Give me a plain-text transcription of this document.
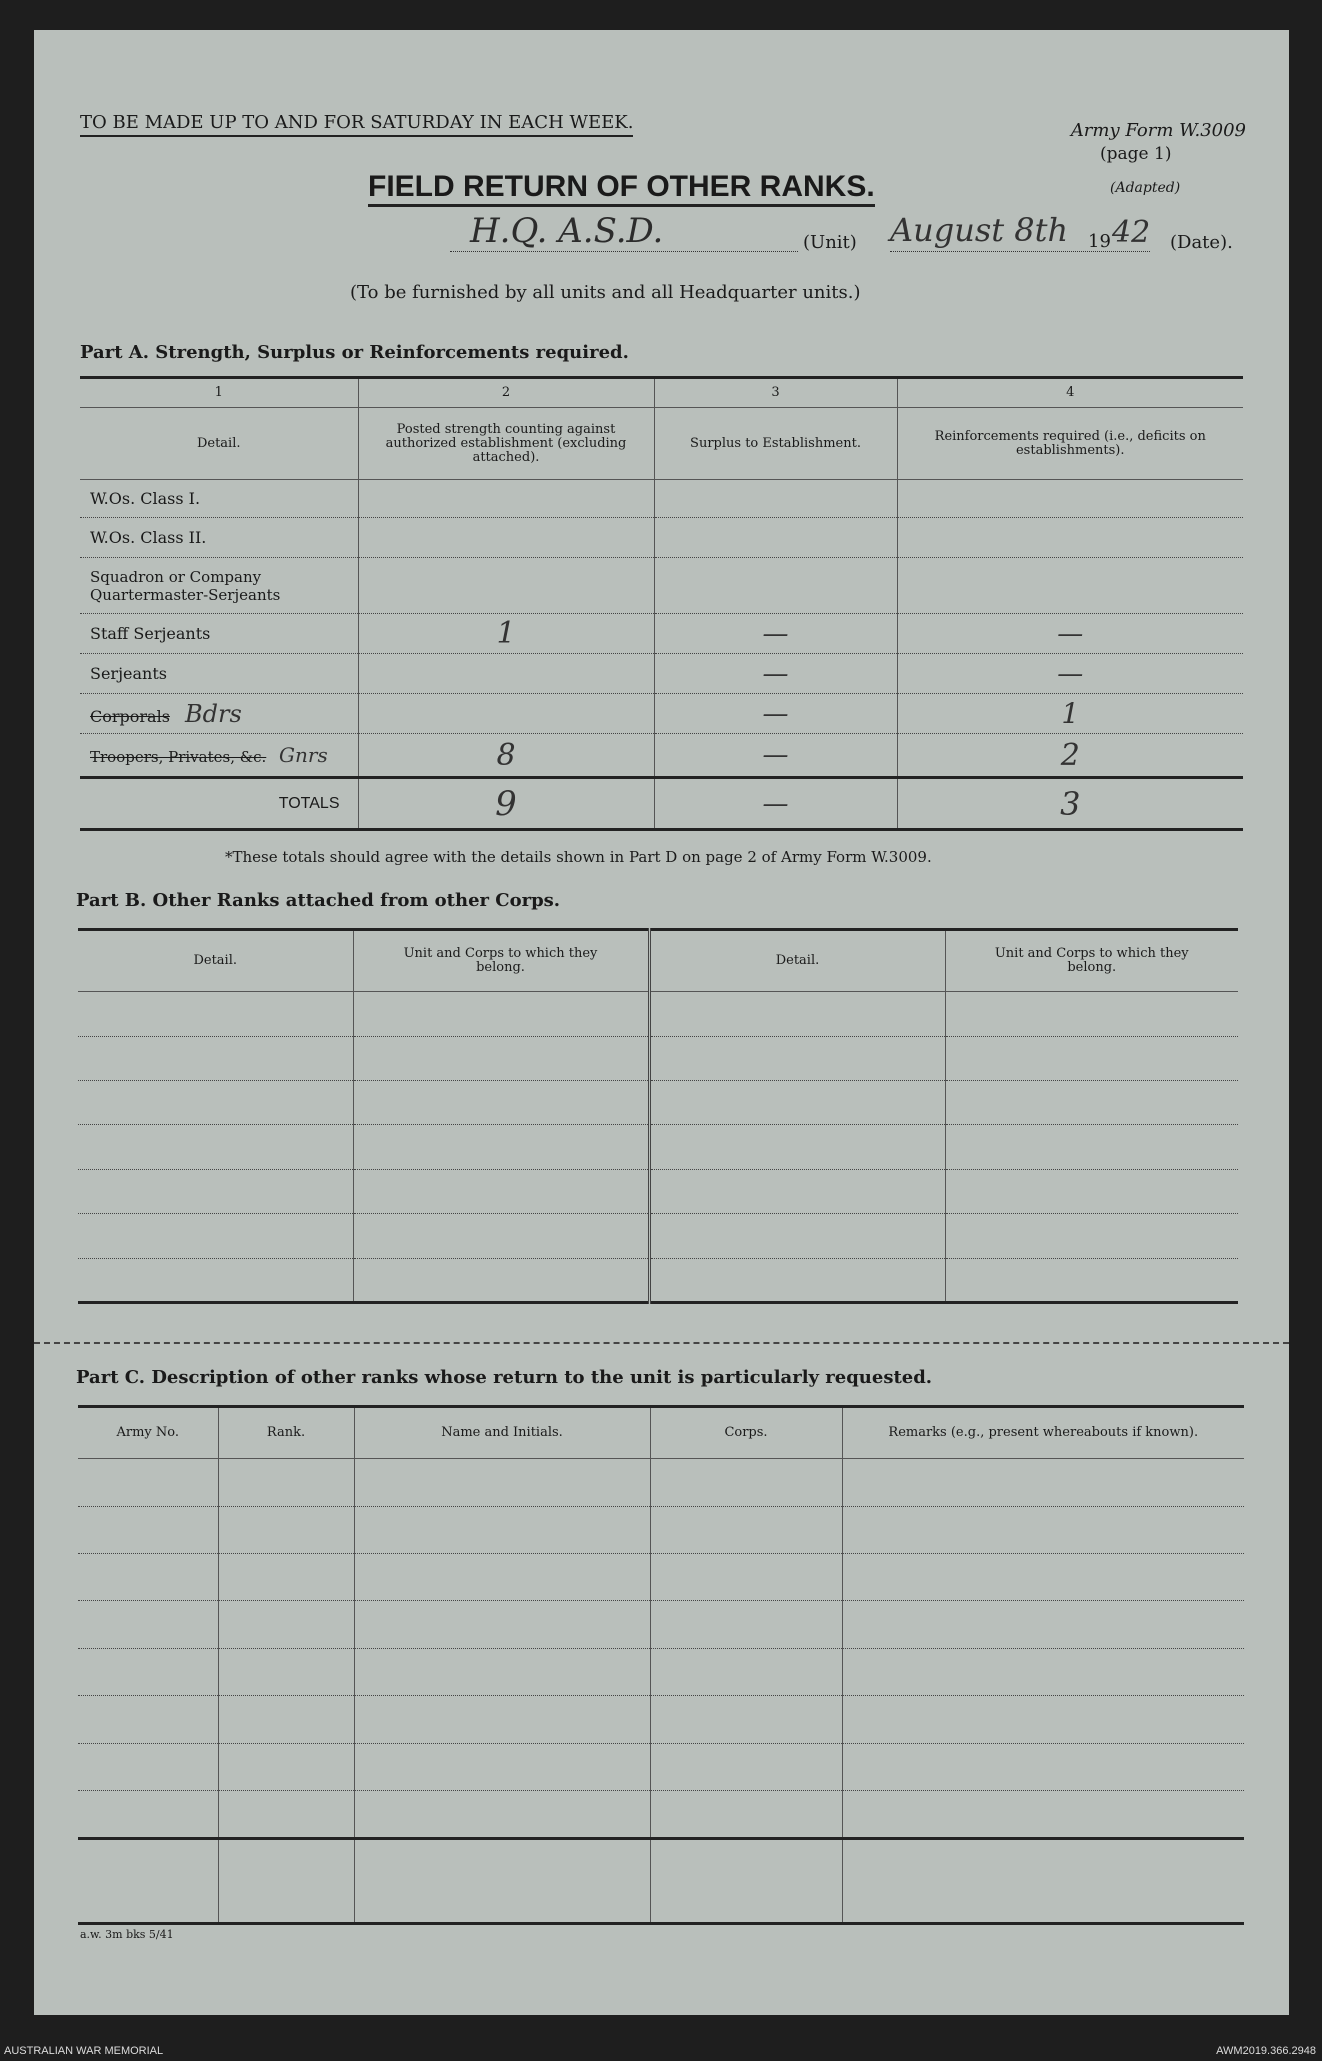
TO BE MADE UP TO AND FOR SATURDAY IN EACH WEEK.	Army Form W.3009
(page 1)
(Adapted)
FIELD RETURN OF OTHER RANKS.
H.Q. A.S.D.	(Unit) August 8th 19 42 (Date).
(To be furnished by all units and all Headquarter units.)
Part A. Strength, Surplus or Reinforcements required.
1	2	3	4
Detail.	Posted strength counting against authorized establishment (excluding attached).	Surplus to Establishment.	Reinforcements required (i.e., deficits on establishments).
W.Os. Class I.			
W.Os. Class II.			
Squadron or Company Quartermaster-Serjeants			
Staff Serjeants	1	—	—
Serjeants		—	—
Corporals Bdrs		—	1
Troopers, Privates, &c. Gnrs	8	—	2
TOTALS	9	—	3
*These totals should agree with the details shown in Part D on page 2 of Army Form W.3009.
Part B. Other Ranks attached from other Corps.
Detail.	Unit and Corps to which they belong.	Detail.	Unit and Corps to which they belong.

Part C. Description of other ranks whose return to the unit is particularly requested.
Army No.	Rank.	Name and Initials.	Corps.	Remarks (e.g., present whereabouts if known).

a.w. 3m bks 5/41
AUSTRALIAN WAR MEMORIAL	AWM2019.366.2948
